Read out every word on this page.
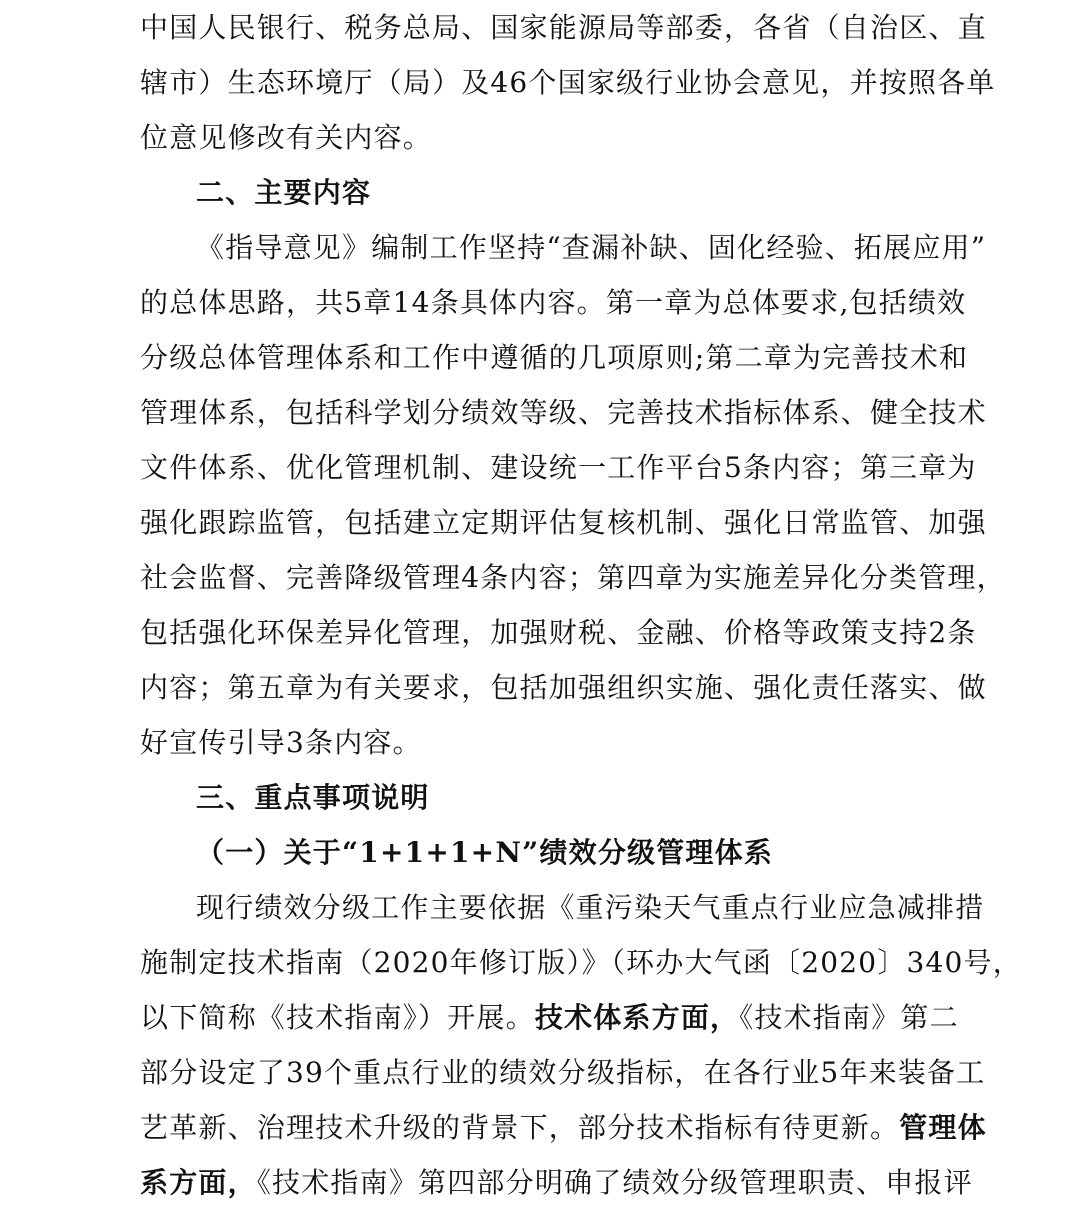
中国人民银行、税务总局、国家能源局等部委，各省（自治区、直
辖市）生态环境厅（局）及46个国家级行业协会意见，并按照各单
位意见修改有关内容。
二、主要内容
《指导意见》编制工作坚持“查漏补缺、固化经验、拓展应用”
的总体思路，共5章14条具体内容。第一章为总体要求,包括绩效
分级总体管理体系和工作中遵循的几项原则;第二章为完善技术和
管理体系，包括科学划分绩效等级、完善技术指标体系、健全技术
文件体系、优化管理机制、建设统一工作平台5条内容；第三章为
强化跟踪监管，包括建立定期评估复核机制、强化日常监管、加强
社会监督、完善降级管理4条内容；第四章为实施差异化分类管理，
包括强化环保差异化管理，加强财税、金融、价格等政策支持2条
内容；第五章为有关要求，包括加强组织实施、强化责任落实、做
好宣传引导3条内容。
三、重点事项说明
（一）关于“1+1+1+N”绩效分级管理体系
现行绩效分级工作主要依据《重污染天气重点行业应急减排措
施制定技术指南（2020年修订版）》（环办大气函〔2020〕340号，
以下简称《技术指南》）开展。技术体系方面，《技术指南》第二
部分设定了39个重点行业的绩效分级指标，在各行业5年来装备工
艺革新、治理技术升级的背景下，部分技术指标有待更新。管理体
系方面，《技术指南》第四部分明确了绩效分级管理职责、申报评
